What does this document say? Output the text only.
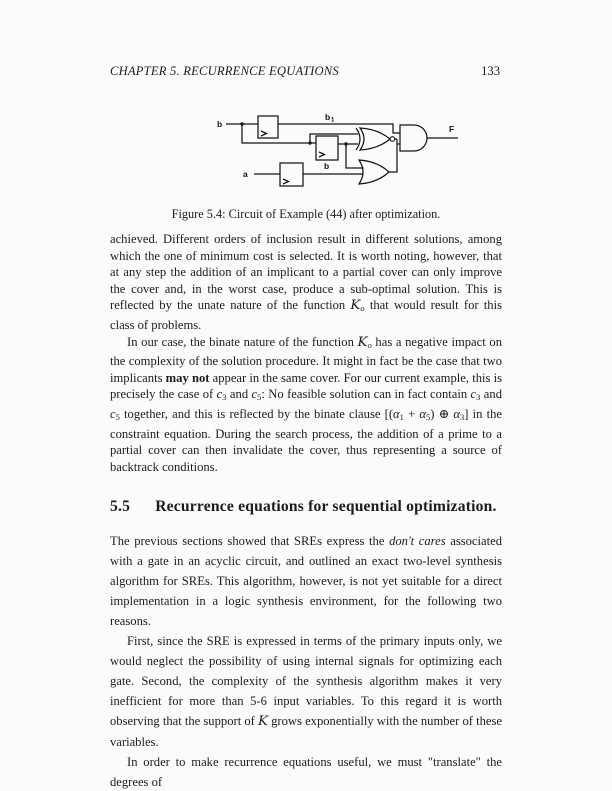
CHAPTER 5. RECURRENCE EQUATIONS	133
b
a
b 1
b
F
Figure 5.4: Circuit of Example (44) after optimization.

achieved. Different orders of inclusion result in different solutions, among which the one of minimum cost is selected. It is worth noting, however, that at any step the addition of an implicant to a partial cover can only improve the cover and, in the worst case, produce a sub-optimal solution. This is reflected by the unate nature of the function Ko that would result for this class of problems.

In our case, the binate nature of the function Ko has a negative impact on the complexity of the solution procedure. It might in fact be the case that two implicants may not appear in the same cover. For our current example, this is precisely the case of c3 and c5: No feasible solution can in fact contain c3 and c5 together, and this is reflected by the binate clause [(α1 + α5) ⊕ α3] in the constraint equation. During the search process, the addition of a prime to a partial cover can then invalidate the cover, thus representing a source of backtrack conditions.

5.5 Recurrence equations for sequential optimization.

The previous sections showed that SREs express the don't cares associated with a gate in an acyclic circuit, and outlined an exact two-level synthesis algorithm for SREs. This algorithm, however, is not yet suitable for a direct implementation in a logic synthesis environment, for the following two reasons.

First, since the SRE is expressed in terms of the primary inputs only, we would neglect the possibility of using internal signals for optimizing each gate. Second, the complexity of the synthesis algorithm makes it very inefficient for more than 5-6 input variables. To this regard it is worth observing that the support of K grows exponentially with the number of these variables.

In order to make recurrence equations useful, we must "translate" the degrees of
